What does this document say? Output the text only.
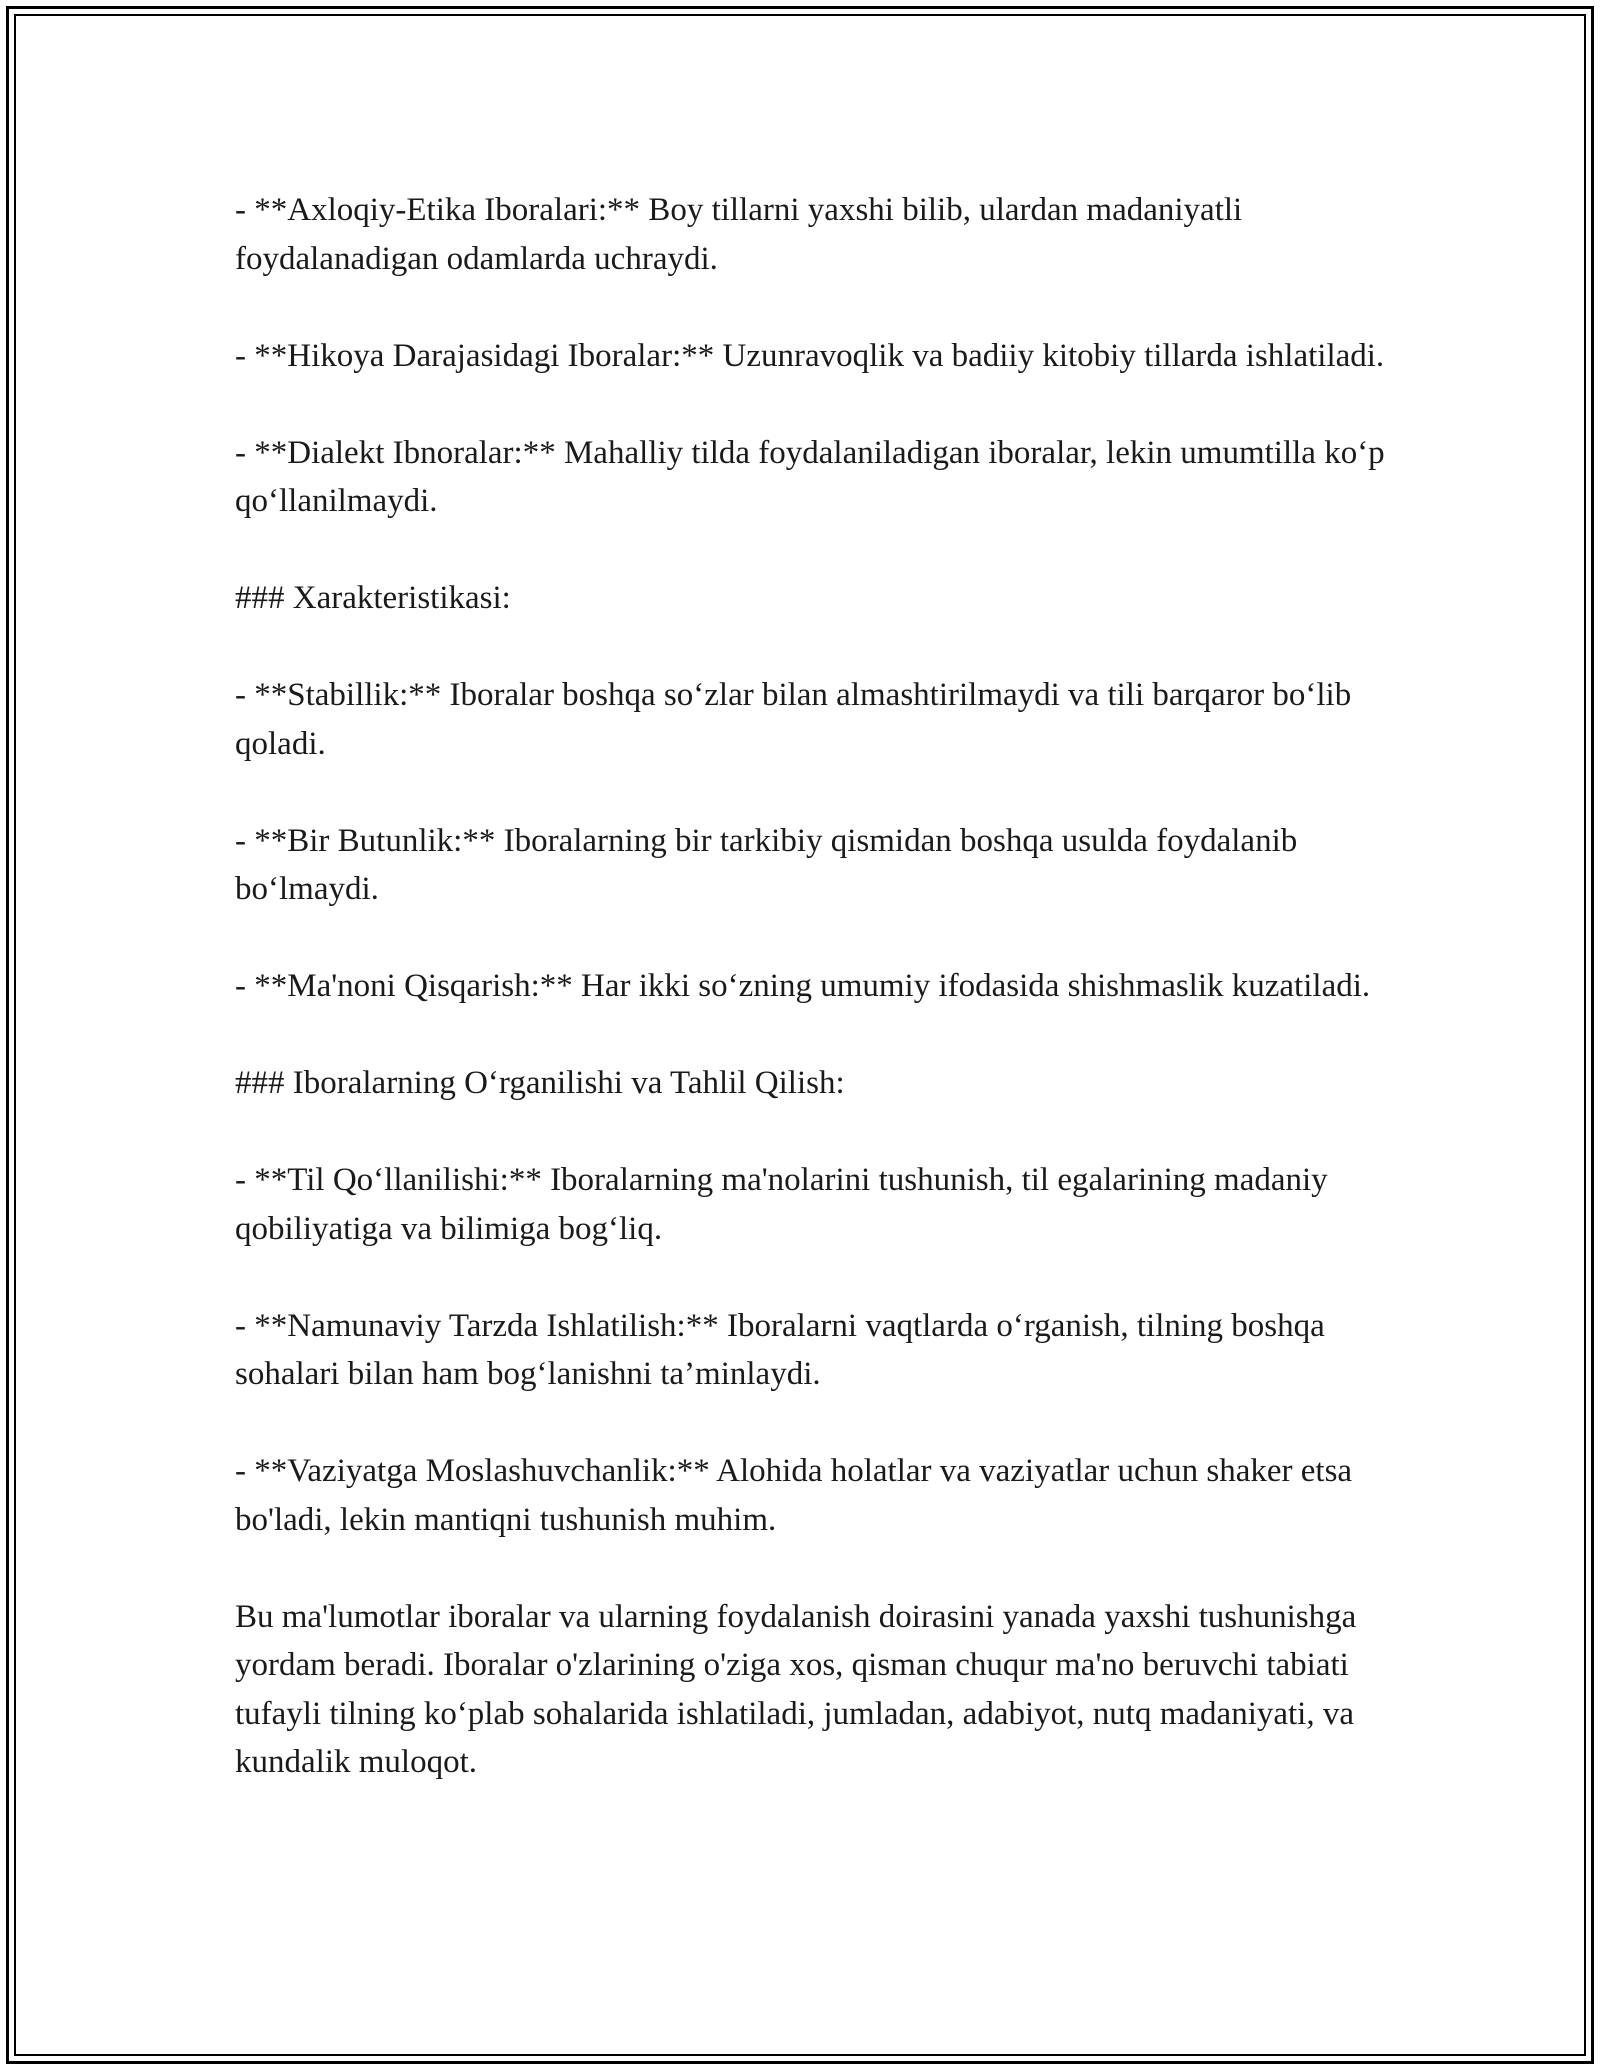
- **Axloqiy-Etika Iboralari:** Boy tillarni yaxshi bilib, ulardan madaniyatli foydalanadigan odamlarda uchraydi.

- **Hikoya Darajasidagi Iboralar:** Uzunravoqlik va badiiy kitobiy tillarda ishlatiladi.

- **Dialekt Ibnoralar:** Mahalliy tilda foydalaniladigan iboralar, lekin umumtilla koʻp qoʻllanilmaydi.

### Xarakteristikasi:

- **Stabillik:** Iboralar boshqa soʻzlar bilan almashtirilmaydi va tili barqaror boʻlib qoladi.

- **Bir Butunlik:** Iboralarning bir tarkibiy qismidan boshqa usulda foydalanib boʻlmaydi.

- **Ma'noni Qisqarish:** Har ikki soʻzning umumiy ifodasida shishmaslik kuzatiladi.

### Iboralarning Oʻrganilishi va Tahlil Qilish:

- **Til Qoʻllanilishi:** Iboralarning ma'nolarini tushunish, til egalarining madaniy qobiliyatiga va bilimiga bogʻliq.

- **Namunaviy Tarzda Ishlatilish:** Iboralarni vaqtlarda oʻrganish, tilning boshqa sohalari bilan ham bogʻlanishni ta’minlaydi.

- **Vaziyatga Moslashuvchanlik:** Alohida holatlar va vaziyatlar uchun shaker etsa bo'ladi, lekin mantiqni tushunish muhim.

Bu ma'lumotlar iboralar va ularning foydalanish doirasini yanada yaxshi tushunishga yordam beradi. Iboralar o'zlarining o'ziga xos, qisman chuqur ma'no beruvchi tabiati tufayli tilning koʻplab sohalarida ishlatiladi, jumladan, adabiyot, nutq madaniyati, va kundalik muloqot.
